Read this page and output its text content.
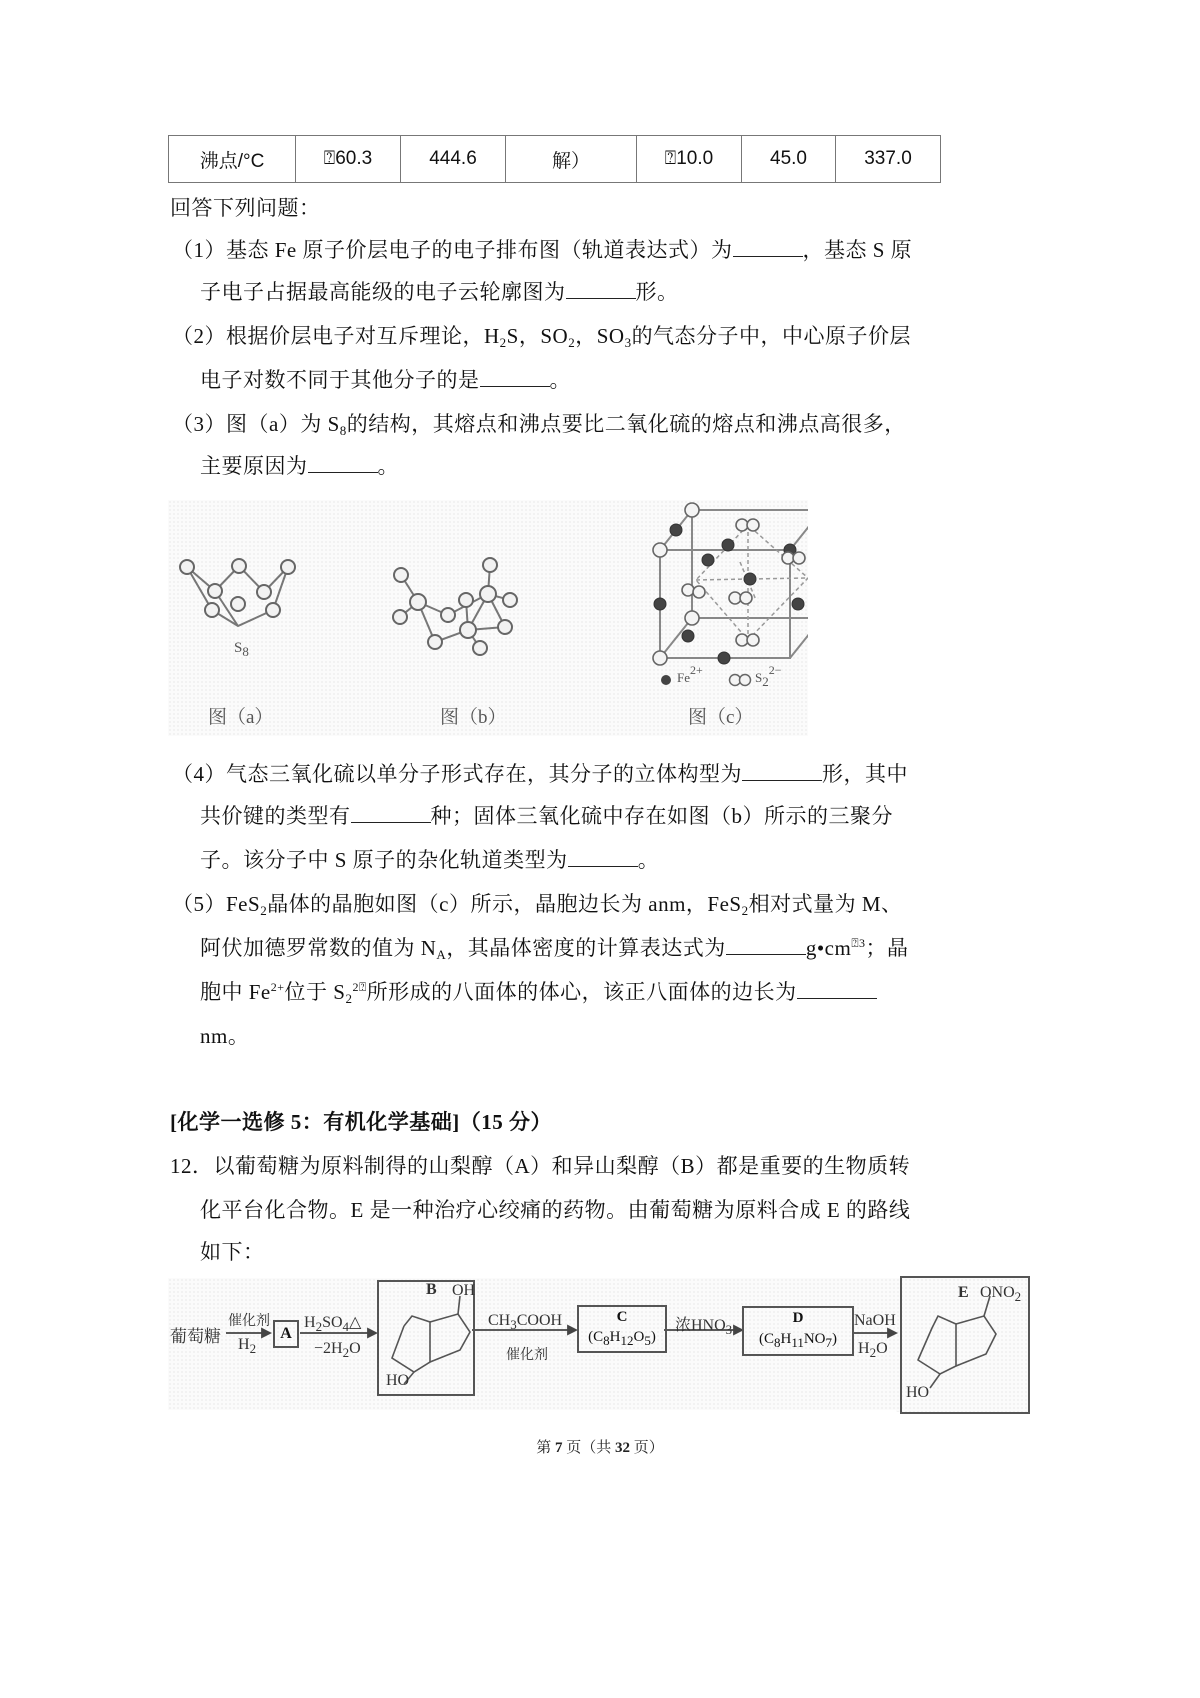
沸点/°C	⍰60.3	444.6	解）	⍰10.0	45.0	337.0
回答下列问题：
（1）基态 Fe 原子价层电子的电子排布图（轨道表达式）为	，基态 S 原
子电子占据最高能级的电子云轮廓图为	形。
（2）根据价层电子对互斥理论，$H_2S$，$SO_2$，$SO_3$的气态分子中，中心原子价层
电子对数不同于其他分子的是	。
（3）图（a）为 $S_8$的结构，其熔点和沸点要比二氧化硫的熔点和沸点高很多，
主要原因为	。
$S_8$
$Fe^{2+}$	$S_2^{2-}$
图（a）	图（b）	图（c）
（4）气态三氧化硫以单分子形式存在，其分子的立体构型为	形，其中
共价键的类型有	种；固体三氧化硫中存在如图（b）所示的三聚分
子。该分子中 S 原子的杂化轨道类型为	。
（5）FeS$_2$晶体的晶胞如图（c）所示，晶胞边长为 anm，FeS$_2$相对式量为 M、
阿伏加德罗常数的值为 $N_A$，其晶体密度的计算表达式为	$g•cm^{⍰3}$；晶
胞中 $Fe^{2+}$位于 $S_2^{2⍰}$所形成的八面体的体心，该正八面体的边长为
nm。
[化学一选修 5：有机化学基础]（15 分）
12．以葡萄糖为原料制得的山梨醇（A）和异山梨醇（B）都是重要的生物质转
化平台化合物。E 是一种治疗心绞痛的药物。由葡萄糖为原料合成 E 的路线
如下：
葡萄糖
催化剂
$H_2$
A
$H_2SO_4\triangle$
$-2H_2O$
B OH
HO
$CH_3COOH$
催化剂
C
$(C_8H_{12}O_5)$
浓$HNO_3$
D
$(C_8H_{11}NO_7)$
NaOH
$H_2O$
E $ONO_2$
HO
第 7 页（共 32 页）
